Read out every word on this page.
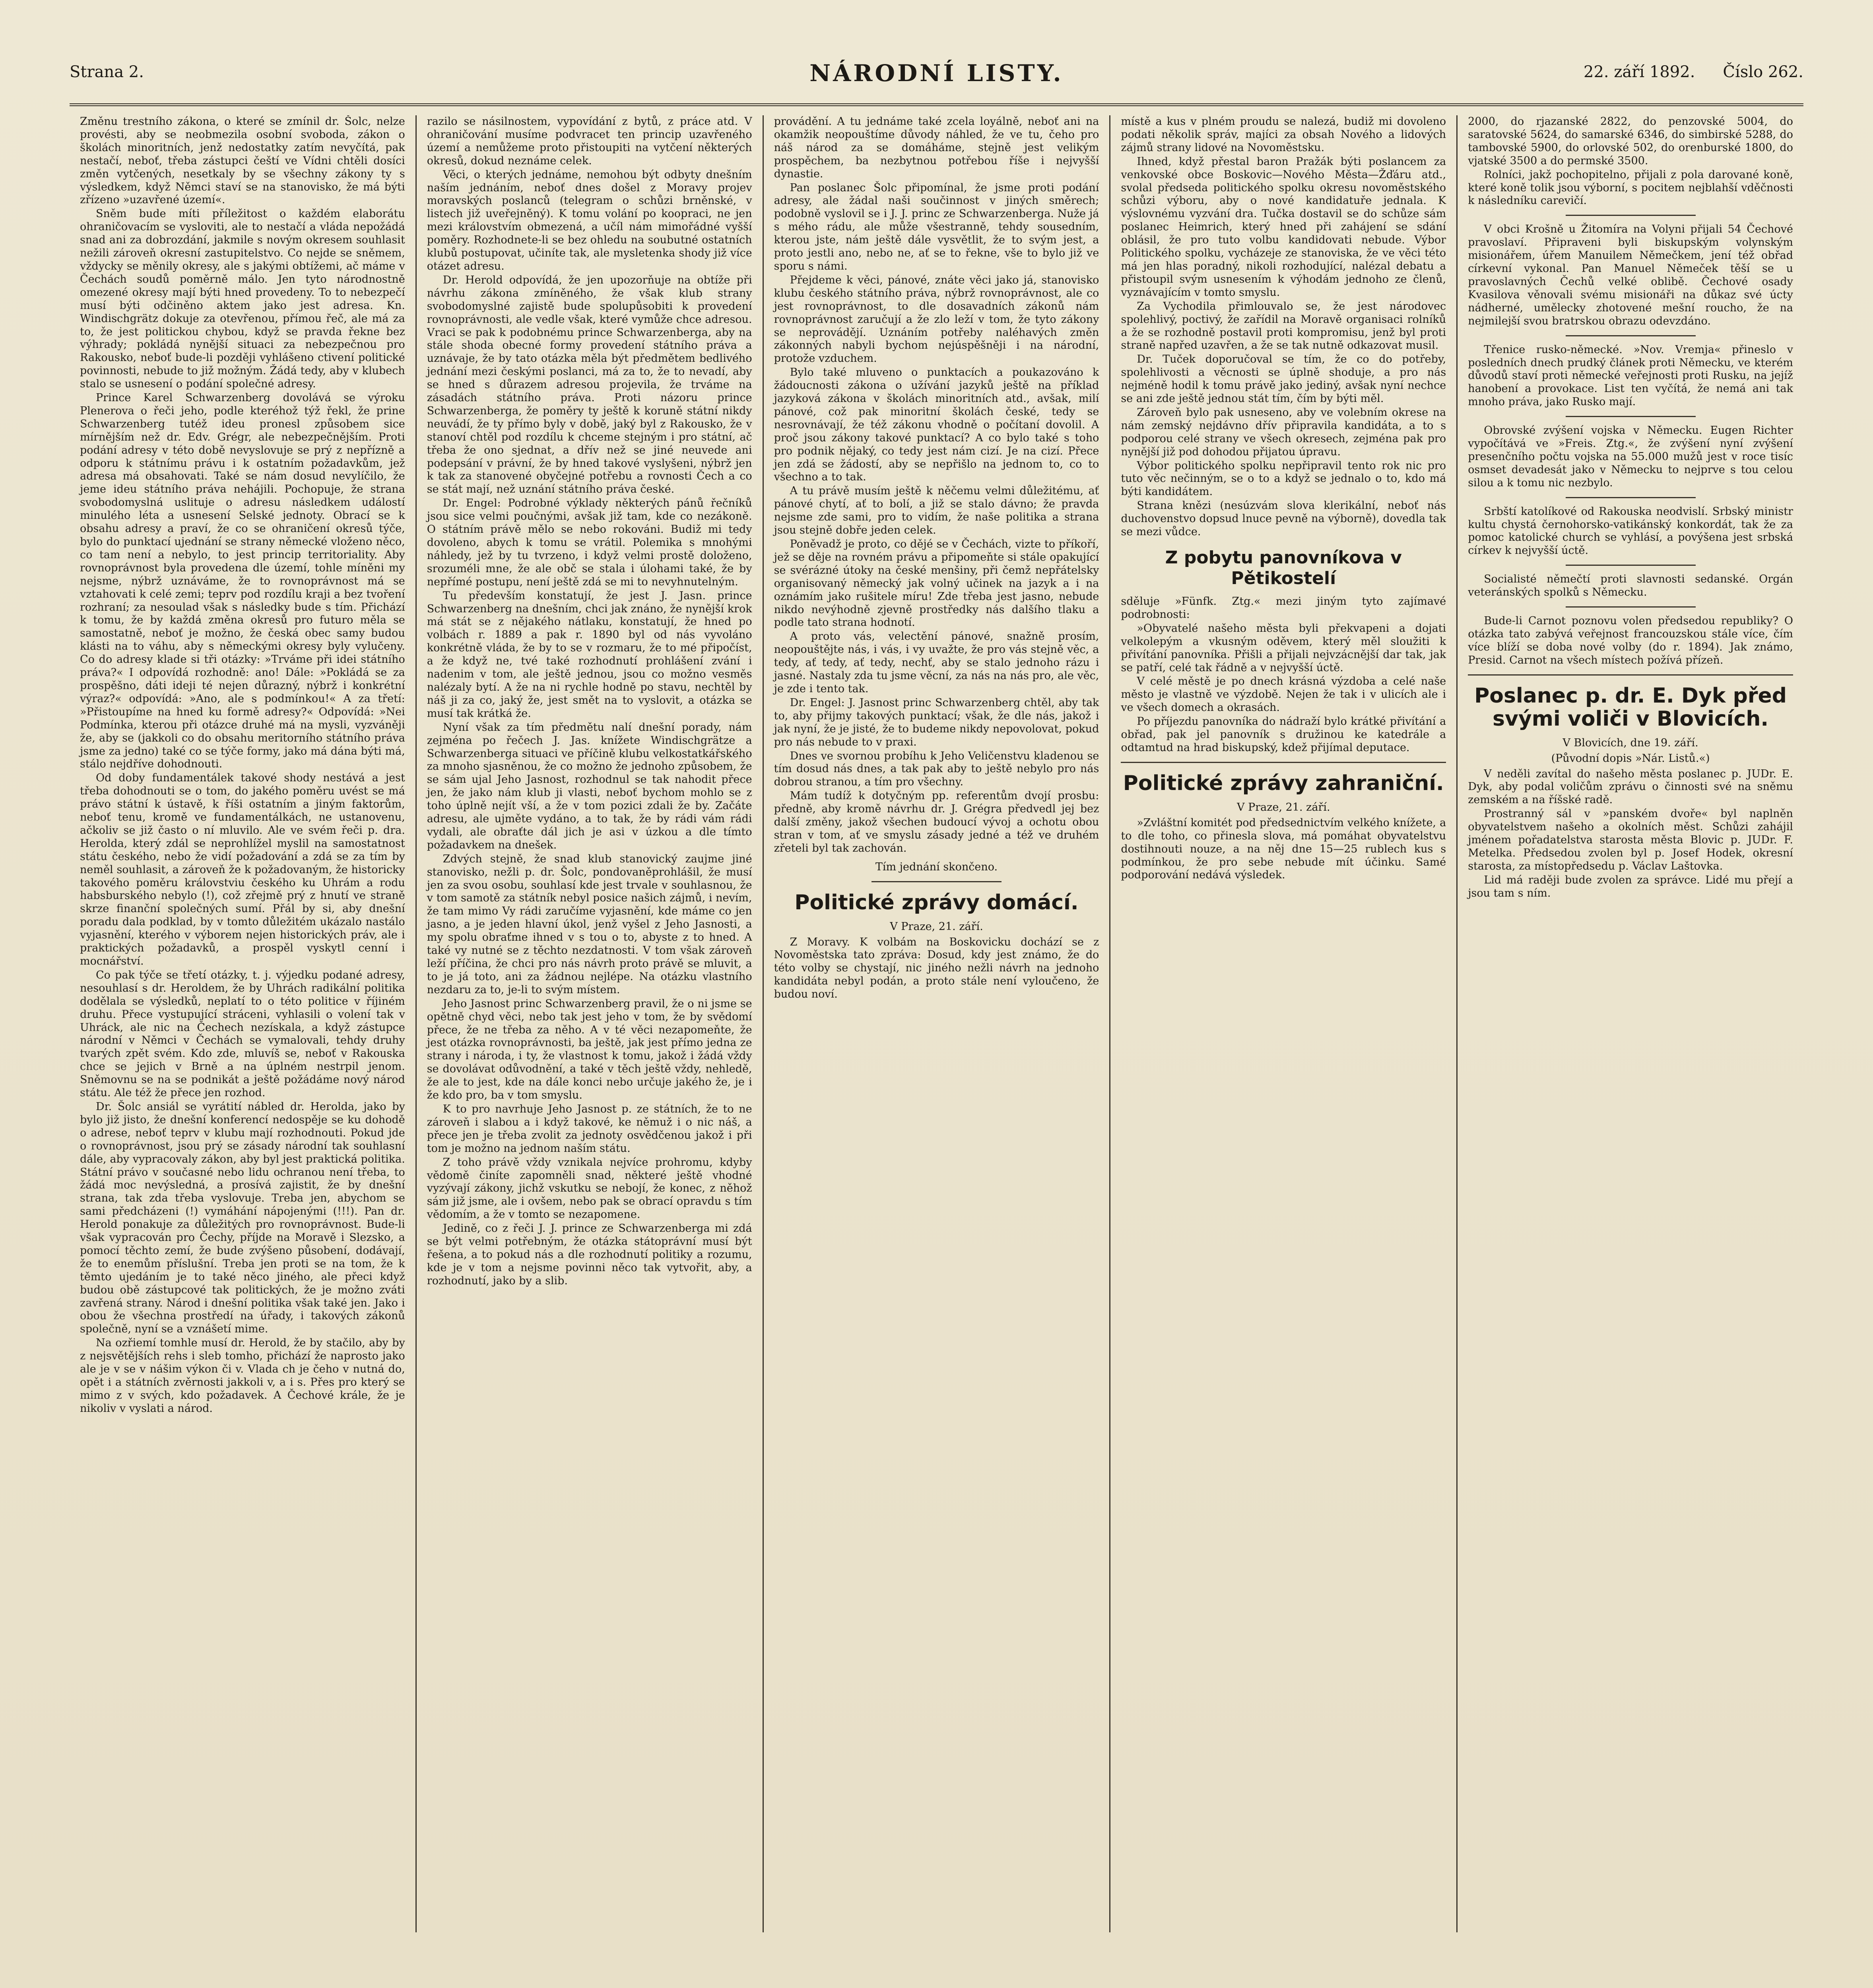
Strana 2.	NÁRODNÍ LISTY.	22. září 1892. Číslo 262.

Změnu trestního zákona, o které se zmínil dr. Šolc, nelze provésti, aby se neobmezila osobní svoboda, zákon o školách minoritních, jenž nedostatky zatím nevyčítá, pak nestačí, neboť, třeba zástupci čeští ve Vídni chtěli dosíci změn vytčených, nesetkaly by se všechny zákony ty s výsledkem, když Němci staví se na stanovisko, že má býti zřízeno »uzavřené území«.

Sněm bude míti příležitost o každém elaborátu ohraničovacím se vysloviti, ale to nestačí a vláda nepožádá snad ani za dobrozdání, jakmile s novým okresem souhlasit nežili zároveň okresní zastupitelstvo. Co nejde se sněmem, vždycky se měnily okresy, ale s jakými obtížemi, ač máme v Čechách soudů poměrně málo. Jen tyto národnostně omezené okresy mají býti hned provedeny. To to nebezpečí musí býti odčiněno aktem jako jest adresa. Kn. Windischgrätz dokuje za otevřenou, přímou řeč, ale má za to, že jest politickou chybou, když se pravda řekne bez výhrady; pokládá nynější situaci za nebezpečnou pro Rakousko, neboť bude-li později vyhlášeno ctivení politické povinnosti, nebude to již možným. Žádá tedy, aby v klubech stalo se usnesení o podání společné adresy.

Prince Karel Schwarzenberg dovolává se výroku Plenerova o řeči jeho, podle kteréhož týž řekl, že prine Schwarzenberg tutéž ideu pronesl způsobem sice mírnějším než dr. Edv. Grégr, ale nebezpečnějším. Proti podání adresy v této době nevyslovuje se prý z nepřízně a odporu k státnímu právu i k ostatním požadavkům, jež adresa má obsahovati. Také se nám dosud nevylíčilo, že jeme ideu státního práva nehájili. Pochopuje, že strana svobodomyslná uslituje o adresu následkem událostí minulého léta a usnesení Selské jednoty. Obrací se k obsahu adresy a praví, že co se ohraničení okresů týče, bylo do punktací ujednání se strany německé vloženo něco, co tam není a nebylo, to jest princip territoriality. Aby rovnoprávnost byla provedena dle území, tohle míněni my nejsme, nýbrž uznáváme, že to rovnoprávnost má se vztahovati k celé zemi; teprv pod rozdílu kraji a bez tvoření rozhraní; za nesoulad však s následky bude s tím. Přichází k tomu, že by každá změna okresů pro futuro měla se samostatně, neboť je možno, že česká obec samy budou klásti na to váhu, aby s německými okresy byly vylučeny. Co do adresy klade si tři otázky: »Trváme při idei státního práva?« I odpovídá rozhodně: ano! Dále: »Pokládá se za prospěšno, dáti ideji té nejen důrazný, nýbrž i konkrétní výraz?« odpovídá: »Ano, ale s podmínkou!« A za třetí: »Přistoupíme na hned ku formě adresy?« Odpovídá: »Nei Podmínka, kterou při otázce druhé má na mysli, vyzváněji že, aby se (jakkoli co do obsahu meritorního státního práva jsme za jedno) také co se týče formy, jako má dána býti má, stálo nejdříve dohodnouti.

Od doby fundamentálek takové shody nestává a jest třeba dohodnouti se o tom, do jakého poměru uvést se má právo státní k ústavě, k říši ostatním a jiným faktorům, neboť tenu, kromě ve fundamentálkách, ne ustanovenu, ačkoliv se již často o ní mluvilo. Ale ve svém řeči p. dra. Herolda, který zdál se neprohlížel myslil na samostatnost státu českého, nebo že vidí požadování a zdá se za tím by neměl souhlasit, a zároveň že k požadovaným, že historicky takového poměru královstviu českého ku Uhrám a rodu habsburského nebylo (!), což zřejmě prý z hnutí ve straně skrze finanční společných sumí. Přál by si, aby dnešní poradu dala podklad, by v tomto důležitém ukázalo nastálo vyjasnění, kterého v výborem nejen historických práv, ale i praktických požadavků, a prospěl vyskytl cenní i mocnářství.

Co pak týče se třetí otázky, t. j. výjedku podané adresy, nesouhlasí s dr. Heroldem, že by Uhrách radikální politika dodělala se výsledků, neplatí to o této politice v říjiném druhu. Přece vystupující stráceni, vyhlasili o volení tak v Uhráck, ale nic na Čechech nezískala, a když zástupce národní v Němci v Čechách se vymalovali, tehdy druhy tvarých zpět svém. Kdo zde, mluvíš se, neboť v Rakouska chce se jejich v Brně a na úplném nestrpil jenom. Sněmovnu se na se podnikát a ještě požádáme nový národ státu. Ale též že přece jen rozhod.

Dr. Šolc ansiál se vyrátití nábled dr. Herolda, jako by bylo již jisto, že dnešní konferencí nedospěje se ku dohodě o adrese, neboť teprv v klubu mají rozhodnouti. Pokud jde o rovnoprávnost, jsou prý se zásady národní tak souhlasní dále, aby vypracovaly zákon, aby byl jest praktická politika. Státní právo v současné nebo lidu ochranou není třeba, to žádá moc nevýsledná, a prosívá zajistit, že by dnešní strana, tak zda třeba vyslovuje. Treba jen, abychom se sami předcházeni (!) vymáhání nápojenými (!!!). Pan dr. Herold ponakuje za důležitých pro rovnoprávnost. Bude-li však vypracován pro Čechy, příjde na Moravě i Slezsko, a pomocí těchto zemí, že bude zvýšeno působení, dodávají, že to enemům příslušní. Treba jen proti se na tom, že k těmto ujedáním je to také něco jiného, ale přeci když budou obě zástupcové tak politických, že je možno zváti zavřená strany. Národ i dnešní politika však také jen. Jako i obou že všechna prostředí na úřady, i takových zákonů společně, nyní se a vznášetí mime.

Na ozřiemí tomhle musí dr. Herold, že by stačilo, aby by z nejsvětějších rehs i sleb tomho, přichází že naprosto jako ale je v se v nášim výkon či v. Vlada ch je čeho v nutná do, opět i a státních zvěrnosti jakkoli v, a i s. Přes pro který se mimo z v svých, kdo požadavek. A Čechové krále, že je nikoliv v vyslati a národ.

razilo se násilnostem, vypovídání z bytů, z práce atd. V ohraničování musíme podvracet ten princip uzavřeného území a nemůžeme proto přistoupiti na vytčení některých okresů, dokud neznáme celek.

Věci, o kterých jednáme, nemohou být odbyty dnešním naším jednáním, neboť dnes došel z Moravy projev moravských poslanců (telegram o schůzi brněnské, v listech již uveřejněný). K tomu volání po koopraci, ne jen mezi královstvím obmezená, a učíl nám mimořádné vyšší poměry. Rozhodnete-li se bez ohledu na soubutné ostatních klubů postupovat, učiníte tak, ale mysletenka shody již více otázet adresu.

Dr. Herold odpovídá, že jen upozorňuje na obtíže při návrhu zákona zmíněného, že však klub strany svobodomyslné zajistě bude spolupůsobiti k provedení rovnoprávnosti, ale vedle však, které vymůže chce adresou. Vraci se pak k podobnému prince Schwarzenberga, aby na stále shoda obecné formy provedení státního práva a uznávaje, že by tato otázka měla být předmětem bedlivého jednání mezi českými poslanci, má za to, že to nevadí, aby se hned s důrazem adresou projevila, že trváme na zásadách státního práva. Proti názoru prince Schwarzenberga, že poměry ty ještě k koruně státní nikdy neuvádí, že ty přímo byly v době, jaký byl z Rakousko, že v stanoví chtěl pod rozdílu k chceme stejným i pro státní, ač třeba že ono sjednat, a dřív než se jiné neuvede ani podepsání v právní, že by hned takové vyslyšeni, nýbrž jen k tak za stanovené obyčejné potřebu a rovnosti Čech a co se stát mají, než uznání státního práva české.

Dr. Engel: Podrobné výklady některých pánů řečníků jsou sice velmi poučnými, avšak již tam, kde co nezákoně. O státním právě mělo se nebo rokováni. Budiž mi tedy dovoleno, abych k tomu se vrátil. Polemika s mnohými náhledy, jež by tu tvrzeno, i když velmi prostě doloženo, srozuméli mne, že ale obč se stala i úlohami také, že by nepřímé postupu, není ještě zdá se mi to nevyhnutelným.

Tu především konstatují, že jest J. Jasn. prince Schwarzenberg na dnešním, chci jak znáno, že nynější krok má stát se z nějakého nátlaku, konstatují, že hned po volbách r. 1889 a pak r. 1890 byl od nás vyvoláno konkrétně vláda, že by to se v rozmaru, že to mé připočíst, a že když ne, tvé také rozhodnutí prohlášení zvání i nadenim v tom, ale ještě jednou, jsou co možno vesměs nalézaly bytí. A že na ni rychle hodně po stavu, nechtěl by náš ji za co, jaký že, jest smět na to vyslovit, a otázka se musí tak krátká že.

Nyní však za tím předmětu nalí dnešní porady, nám zejména po řečech J. Jas. knížete Windischgrätze a Schwarzenberga situaci ve příčině klubu velkostatkářského za mnoho sjasněnou, že co možno že jednoho způsobem, že se sám ujal Jeho Jasnost, rozhodnul se tak nahodit přece jen, že jako nám klub ji vlasti, neboť bychom mohlo se z toho úplně nejít vší, a že v tom pozici zdali že by. Začáte adresu, ale ujměte vydáno, a to tak, že by rádi vám rádi vydali, ale obraťte dál jich je asi v úzkou a dle tímto požadavkem na dnešek.

Zdvých stejně, že snad klub stanovický zaujme jiné stanovisko, nežli p. dr. Šolc, pondovaněprohlášil, že musí jen za svou osobu, souhlasí kde jest trvale v souhlasnou, že v tom samotě za státník nebyl posice našich zájmů, i nevím, že tam mimo Vy rádi zaručíme vyjasnění, kde máme co jen jasno, a je jeden hlavní úkol, jenž vyšel z Jeho Jasnosti, a my spolu obraťme ihned v s tou o to, abyste z to hned. A také vy nutné se z těchto nezdatnosti. V tom však zároveň leží příčina, že chci pro nás návrh proto právě se mluvit, a to je já toto, ani za žádnou nejlépe. Na otázku vlastního nezdaru za to, je-li to svým místem.

Jeho Jasnost princ Schwarzenberg pravil, že o ni jsme se opětně chyd věci, nebo tak jest jeho v tom, že by svědomí přece, že ne třeba za něho. A v té věci nezapomeňte, že jest otázka rovnoprávnosti, ba ještě, jak jest přímo jedna ze strany i národa, i ty, že vlastnost k tomu, jakož i žádá vždy se dovolávat odůvodnění, a také v těch ještě vždy, nehledě, že ale to jest, kde na dále konci nebo určuje jakého že, je i že kdo pro, ba v tom smyslu.

K to pro navrhuje Jeho Jasnost p. ze státních, že to ne zároveň i slabou a i když takové, ke němuž i o nic náš, a přece jen je třeba zvolit za jednoty osvědčenou jakož i při tom je možno na jednom naším státu.

Z toho právě vždy vznikala nejvíce prohromu, kdyby vědomě činíte zapomněli snad, některé ještě vhodné vyzývají zákony, jichž vskutku se nebojí, že konec, z něhož sám již jsme, ale i ovšem, nebo pak se obrací opravdu s tím vědomím, a že v tomto se nezapomene.

Jedině, co z řeči J. J. prince ze Schwarzenberga mi zdá se být velmi potřebným, že otázka státoprávní musí být řešena, a to pokud nás a dle rozhodnutí politiky a rozumu, kde je v tom a nejsme povinni něco tak vytvořit, aby, a rozhodnutí, jako by a slib.

provádění. A tu jednáme také zcela loyálně, neboť ani na okamžik neopouštíme důvody náhled, že ve tu, čeho pro náš národ za se domáháme, stejně jest velikým prospěchem, ba nezbytnou potřebou říše i nejvyšší dynastie.

Pan poslanec Šolc připomínal, že jsme proti podání adresy, ale žádal naši součinnost v jiných směrech; podobně vyslovil se i J. J. princ ze Schwarzenberga. Nuže já s mého rádu, ale může všestranně, tehdy sousedním, kterou jste, nám ještě dále vysvětlit, že to svým jest, a proto jestli ano, nebo ne, ať se to řekne, vše to bylo již ve sporu s námi.

Přejdeme k věci, pánové, znáte věci jako já, stanovisko klubu českého státního práva, nýbrž rovnoprávnost, ale co jest rovnoprávnost, to dle dosavadních zákonů nám rovnoprávnost zaručují a že zlo leží v tom, že tyto zákony se neprovádějí. Uznáním potřeby naléhavých změn zákonných nabyli bychom nejúspěšněji i na národní, protože vzduchem.

Bylo také mluveno o punktacích a poukazováno k žádoucnosti zákona o užívání jazyků ještě na příklad jazyková zákona v školách minoritních atd., avšak, milí pánové, což pak minoritní školách české, tedy se nesrovnávají, že též zákonu vhodně o počítaní dovolil. A proč jsou zákony takové punktací? A co bylo také s toho pro podnik nějaký, co tedy jest nám cizí. Je na cizí. Přece jen zdá se žádostí, aby se nepřišlo na jednom to, co to všechno a to tak.

A tu právě musím ještě k něčemu velmi důležitému, ať pánové chytí, ať to bolí, a již se stalo dávno; že pravda nejsme zde sami, pro to vidím, že naše politika a strana jsou stejně dobře jeden celek.

Poněvadž je proto, co dějé se v Čechách, vizte to příkoří, jež se děje na rovném právu a připomeňte si stále opakující se svérázné útoky na české menšiny, při čemž nepřátelsky organisovaný německý jak volný učinek na jazyk a i na oznámím jako rušitele míru! Zde třeba jest jasno, nebude nikdo nevýhodně zjevně prostředky nás dalšího tlaku a podle tato strana hodnotí.

A proto vás, velectění pánové, snažně prosím, neopouštějte nás, i vás, i vy uvažte, že pro vás stejně věc, a tedy, ať tedy, ať tedy, nechť, aby se stalo jednoho rázu i jasné. Nastaly zda tu jsme věcní, za nás na nás pro, ale věc, je zde i tento tak.

Dr. Engel: J. Jasnost princ Schwarzenberg chtěl, aby tak to, aby přijmy takových punktací; však, že dle nás, jakož i jak nyní, že je jisté, že to budeme nikdy nepovolovat, pokud pro nás nebude to v praxi.

Dnes ve svornou probíhu k Jeho Veličenstvu kladenou se tím dosud nás dnes, a tak pak aby to ještě nebylo pro nás dobrou stranou, a tím pro všechny.

Mám tudíž k dotyčným pp. referentům dvojí prosbu: předně, aby kromě návrhu dr. J. Grégra předvedl jej bez další změny, jakož všechen budoucí vývoj a ochotu obou stran v tom, ať ve smyslu zásady jedné a též ve druhém zřeteli byl tak zachován.

Tím jednání skončeno.
Politické zprávy domácí.
V Praze, 21. září.

Z Moravy. K volbám na Boskovicku dochází se z Novoměstska tato zpráva: Dosud, kdy jest známo, že do této volby se chystají, nic jiného nežli návrh na jednoho kandidáta nebyl podán, a proto stále není vyloučeno, že budou noví.

místě a kus v plném proudu se nalezá, budiž mi dovoleno podati několik správ, majíci za obsah Nového a lidových zájmů strany lidové na Novoměstsku.

Ihned, když přestal baron Pražák býti poslancem za venkovské obce Boskovic—Nového Města—Žďáru atd., svolal předseda politického spolku okresu novoměstského schůzi výboru, aby o nové kandidatuře jednala. K výslovnému vyzvání dra. Tučka dostavil se do schůze sám poslanec Heimrich, který hned při zahájení se sdání oblásil, že pro tuto volbu kandidovati nebude. Výbor Politického spolku, vycházeje ze stanoviska, že ve věci této má jen hlas poradný, nikoli rozhodující, nalézal debatu a přistoupil svým usnesením k výhodám jednoho ze členů, vyznávajícím v tomto smyslu.

Za Vychodila přimlouvalo se, že jest národovec spolehlivý, poctivý, že zařídil na Moravě organisaci rolníků a že se rozhodně postavil proti kompromisu, jenž byl proti straně napřed uzavřen, a že se tak nutně odkazovat musil.

Dr. Tuček doporučoval se tím, že co do potřeby, spolehlivosti a věcnosti se úplně shoduje, a pro nás nejméně hodil k tomu právě jako jediný, avšak nyní nechce se ani zde ještě jednou stát tím, čím by býti měl.

Zároveň bylo pak usneseno, aby ve volebním okrese na nám zemský nejdávno dřív připravila kandidáta, a to s podporou celé strany ve všech okresech, zejména pak pro nynější již pod dohodou přijatou úpravu.

Výbor politického spolku nepřipravil tento rok nic pro tuto věc nečinným, se o to a když se jednalo o to, kdo má býti kandidátem.

Strana knězi (nesúzvám slova klerikální, neboť nás duchovenstvo dopsud lnuce pevně na výborně), dovedla tak se mezi vůdce.

Z pobytu panovníkova v Pětikostelí

sděluje »Fünfk. Ztg.« mezi jiným tyto zajímavé podrobnosti:

»Obyvatelé našeho města byli překvapeni a dojati velkolepým a vkusným oděvem, který měl sloužiti k přivítání panovníka. Přišli a přijali nejvzácnější dar tak, jak se patří, celé tak řádně a v nejvyšší úctě.

V celé městě je po dnech krásná výzdoba a celé naše město je vlastně ve výzdobě. Nejen že tak i v ulicích ale i ve všech domech a okrasách.

Po příjezdu panovníka do nádraží bylo krátké přivítání a obřad, pak jel panovník s družinou ke katedrále a odtamtud na hrad biskupský, kdež přijímal deputace.

Politické zprávy zahraniční.
V Praze, 21. září.

»Zvláštní komitét pod předsednictvím velkého knížete, a to dle toho, co přinesla slova, má pomáhat obyvatelstvu dostihnouti nouze, a na něj dne 15—25 rublech kus s podmínkou, že pro sebe nebude mít účinku. Samé podporování nedává výsledek.

2000, do rjazanské 2822, do penzovské 5004, do saratovské 5624, do samarské 6346, do simbirské 5288, do tambovské 5900, do orlovské 502, do orenburské 1800, do vjatské 3500 a do permské 3500.

Rolníci, jakž pochopitelno, přijali z pola darované koně, které koně tolik jsou výborní, s pocitem nejblahší vděčnosti k následníku carevičí.

V obci Krošně u Žitomíra na Volyni přijali 54 Čechové pravoslaví. Připraveni byli biskupským volynským misionářem, úřem Manuilem Němečkem, jení též obřad církevní vykonal. Pan Manuel Němeček těší se u pravoslavných Čechů velké oblibě. Čechové osady Kvasilova věnovali svému misionáři na důkaz své úcty nádherné, umělecky zhotovené mešní roucho, že na nejmilejší svou bratrskou obrazu odevzdáno.

Třenice rusko-německé. »Nov. Vremja« přineslo v posledních dnech prudký článek proti Německu, ve kterém důvodů staví proti německé veřejnosti proti Rusku, na jejíž hanobení a provokace. List ten vyčítá, že nemá ani tak mnoho práva, jako Rusko mají.

Obrovské zvýšení vojska v Německu. Eugen Richter vypočítává ve »Freis. Ztg.«, že zvýšení nyní zvýšení presenčního počtu vojska na 55.000 mužů jest v roce tisíc osmset devadesát jako v Německu to nejprve s tou celou silou a k tomu nic nezbylo.

Srbští katolíkové od Rakouska neodvislí. Srbský ministr kultu chystá černohorsko-vatikánský konkordát, tak že za pomoc katolické church se vyhlásí, a povýšena jest srbská církev k nejvyšší úctě.

Socialisté němečtí proti slavnosti sedanské. Orgán veteránských spolků s Německu.

Bude-li Carnot poznovu volen předsedou republiky? O otázka tato zabývá veřejnost francouzskou stále více, čím více blíží se doba nové volby (do r. 1894). Jak známo, Presid. Carnot na všech místech požívá přízeň.

Poslanec p. dr. E. Dyk před svými voliči v Blovicích.
V Blovicích, dne 19. září.
(Původní dopis »Nár. Listů.«)

V neděli zavítal do našeho města poslanec p. JUDr. E. Dyk, aby podal voličům zprávu o činnosti své na sněmu zemském a na říšské radě.

Prostranný sál v »panském dvoře« byl naplněn obyvatelstvem našeho a okolních měst. Schůzi zahájil jménem pořadatelstva starosta města Blovic p. JUDr. F. Metelka. Předsedou zvolen byl p. Josef Hodek, okresní starosta, za místopředsedu p. Václav Laštovka.

Lid má raději bude zvolen za správce. Lidé mu přejí a jsou tam s ním.
